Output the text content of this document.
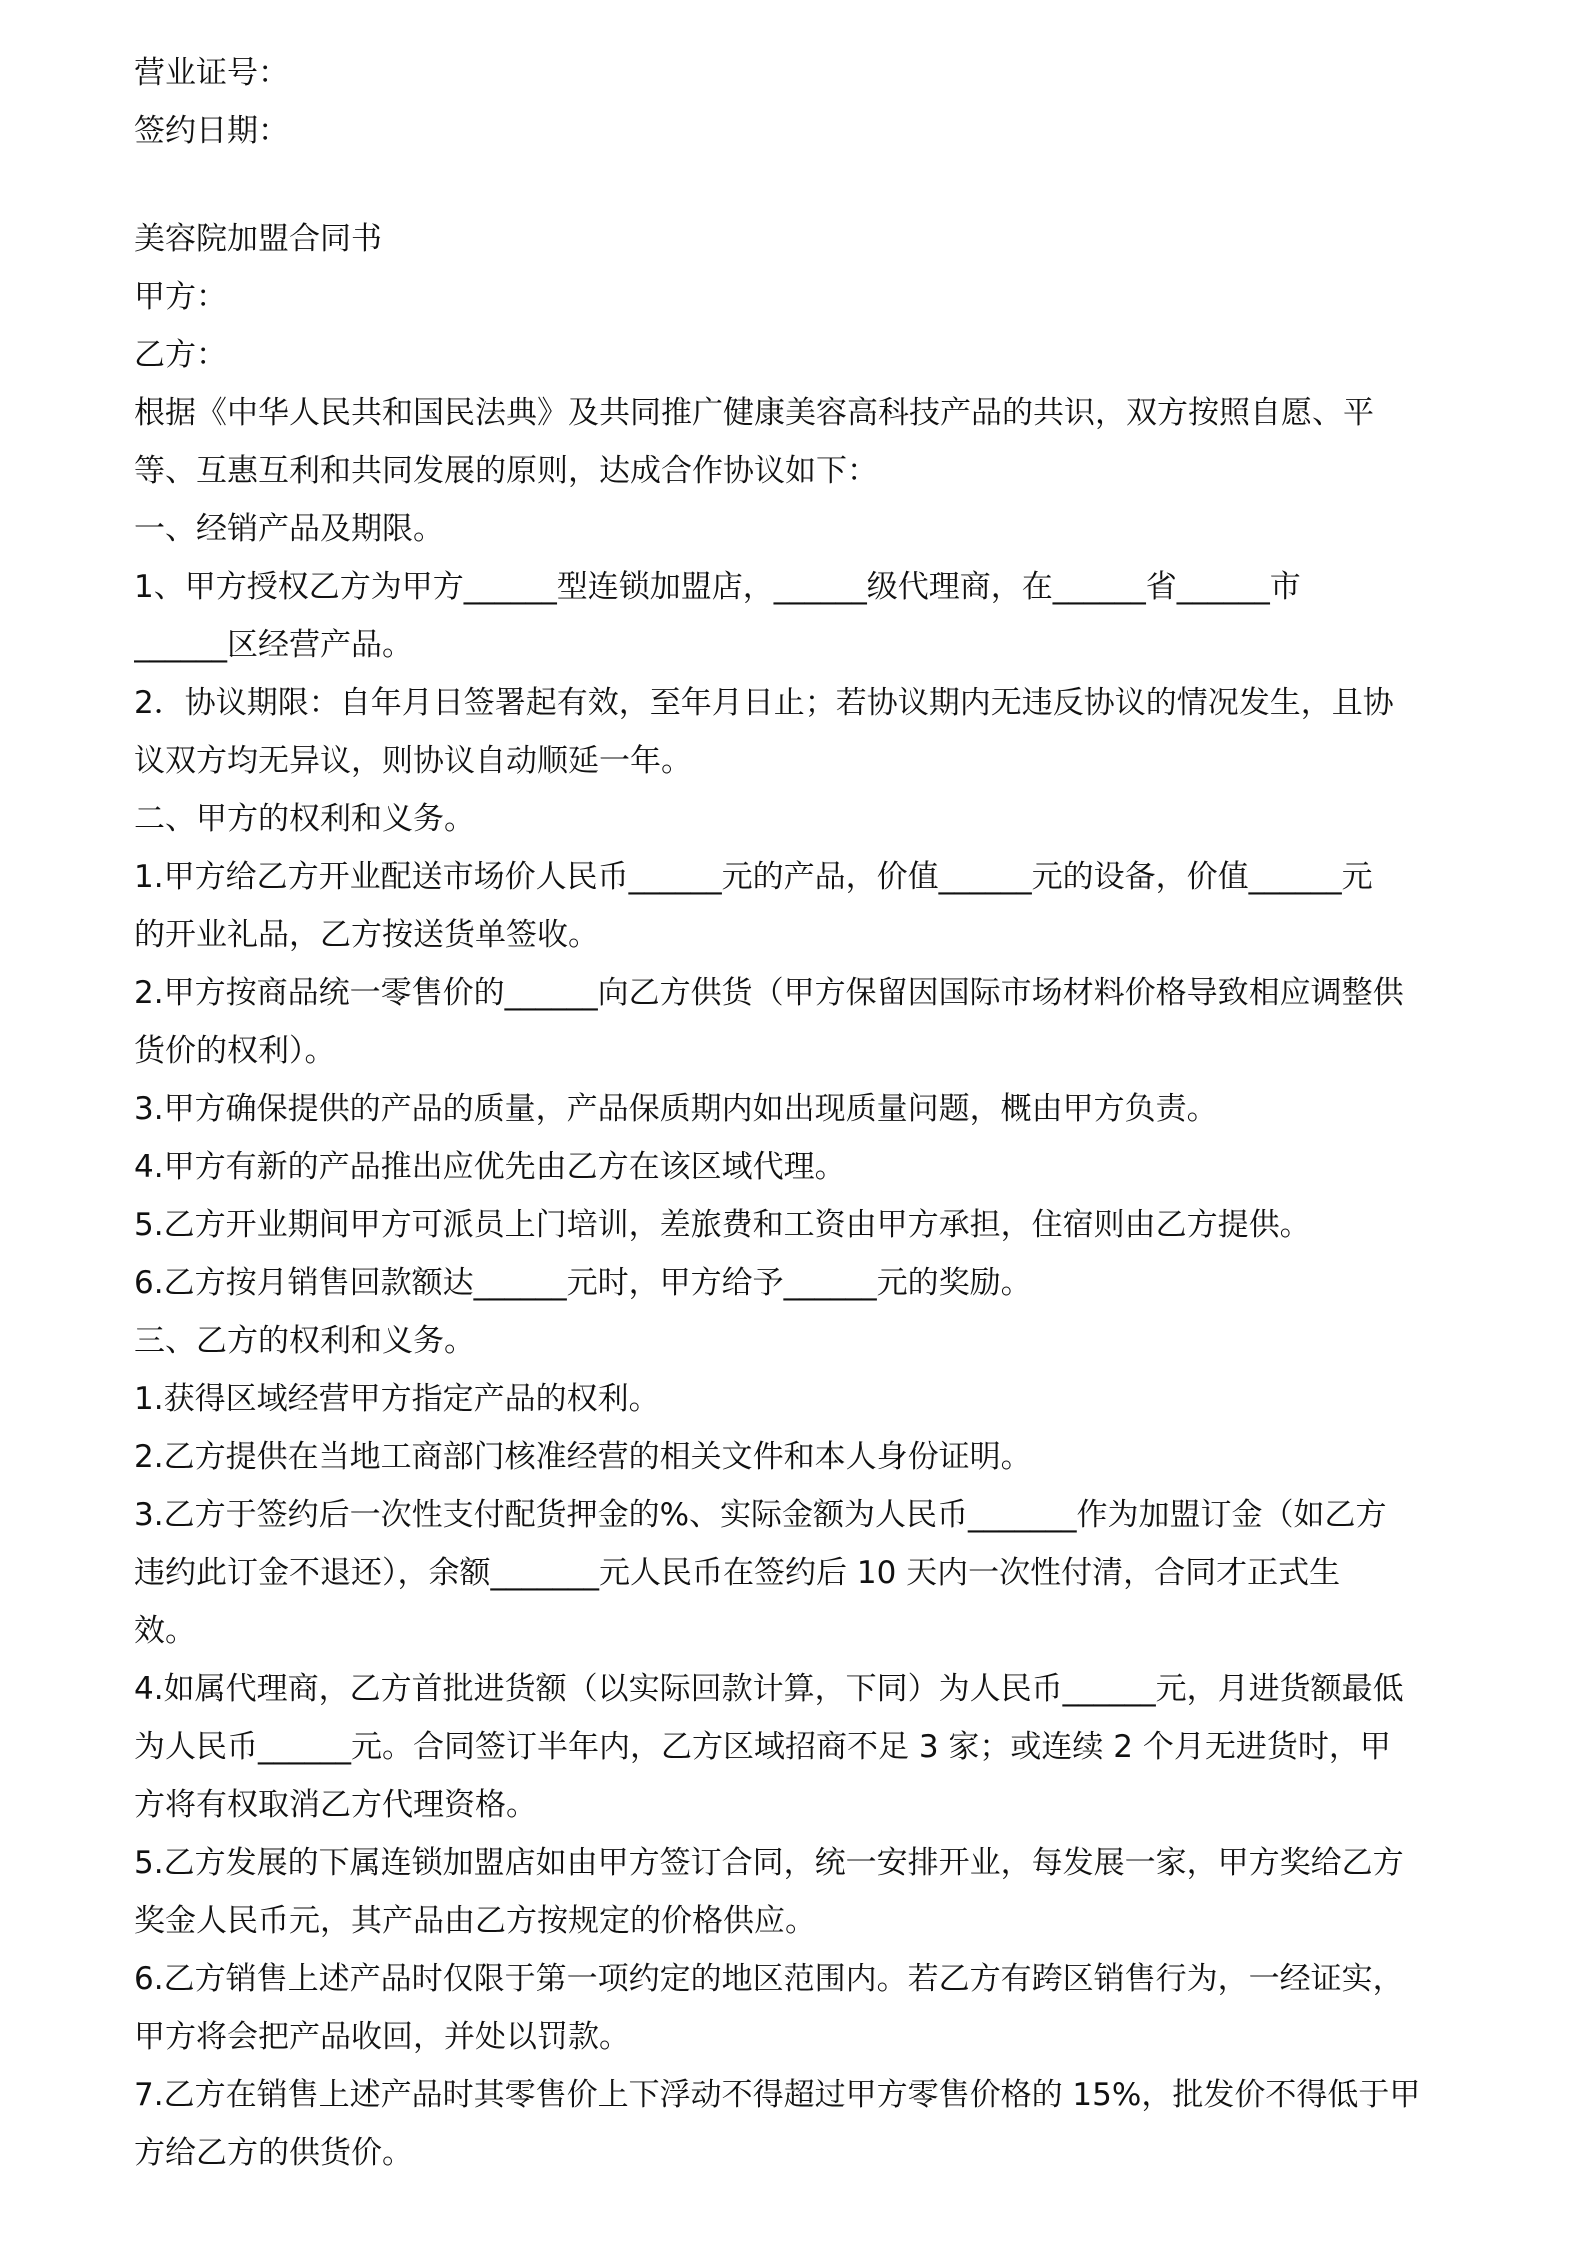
营业证号：

签约日期：

美容院加盟合同书

甲方：

乙方：

根据《中华人民共和国民法典》及共同推广健康美容高科技产品的共识，双方按照自愿、平

等、互惠互利和共同发展的原则，达成合作协议如下：

一、经销产品及期限。

1、甲方授权乙方为甲方______型连锁加盟店，______级代理商，在______省______市

______区经营产品。

2．协议期限：自年月日签署起有效，至年月日止；若协议期内无违反协议的情况发生，且协

议双方均无异议，则协议自动顺延一年。

二、甲方的权利和义务。

1.甲方给乙方开业配送市场价人民币______元的产品，价值______元的设备，价值______元

的开业礼品，乙方按送货单签收。

2.甲方按商品统一零售价的______向乙方供货（甲方保留因国际市场材料价格导致相应调整供

货价的权利）。

3.甲方确保提供的产品的质量，产品保质期内如出现质量问题，概由甲方负责。

4.甲方有新的产品推出应优先由乙方在该区域代理。

5.乙方开业期间甲方可派员上门培训，差旅费和工资由甲方承担，住宿则由乙方提供。

6.乙方按月销售回款额达______元时，甲方给予______元的奖励。

三、乙方的权利和义务。

1.获得区域经营甲方指定产品的权利。

2.乙方提供在当地工商部门核准经营的相关文件和本人身份证明。

3.乙方于签约后一次性支付配货押金的%、实际金额为人民币_______作为加盟订金（如乙方

违约此订金不退还），余额_______元人民币在签约后 10 天内一次性付清，合同才正式生

效。

4.如属代理商，乙方首批进货额（以实际回款计算，下同）为人民币______元，月进货额最低

为人民币______元。合同签订半年内，乙方区域招商不足 3 家；或连续 2 个月无进货时，甲

方将有权取消乙方代理资格。

5.乙方发展的下属连锁加盟店如由甲方签订合同，统一安排开业，每发展一家，甲方奖给乙方

奖金人民币元，其产品由乙方按规定的价格供应。

6.乙方销售上述产品时仅限于第一项约定的地区范围内。若乙方有跨区销售行为，一经证实，

甲方将会把产品收回，并处以罚款。

7.乙方在销售上述产品时其零售价上下浮动不得超过甲方零售价格的 15%，批发价不得低于甲

方给乙方的供货价。
